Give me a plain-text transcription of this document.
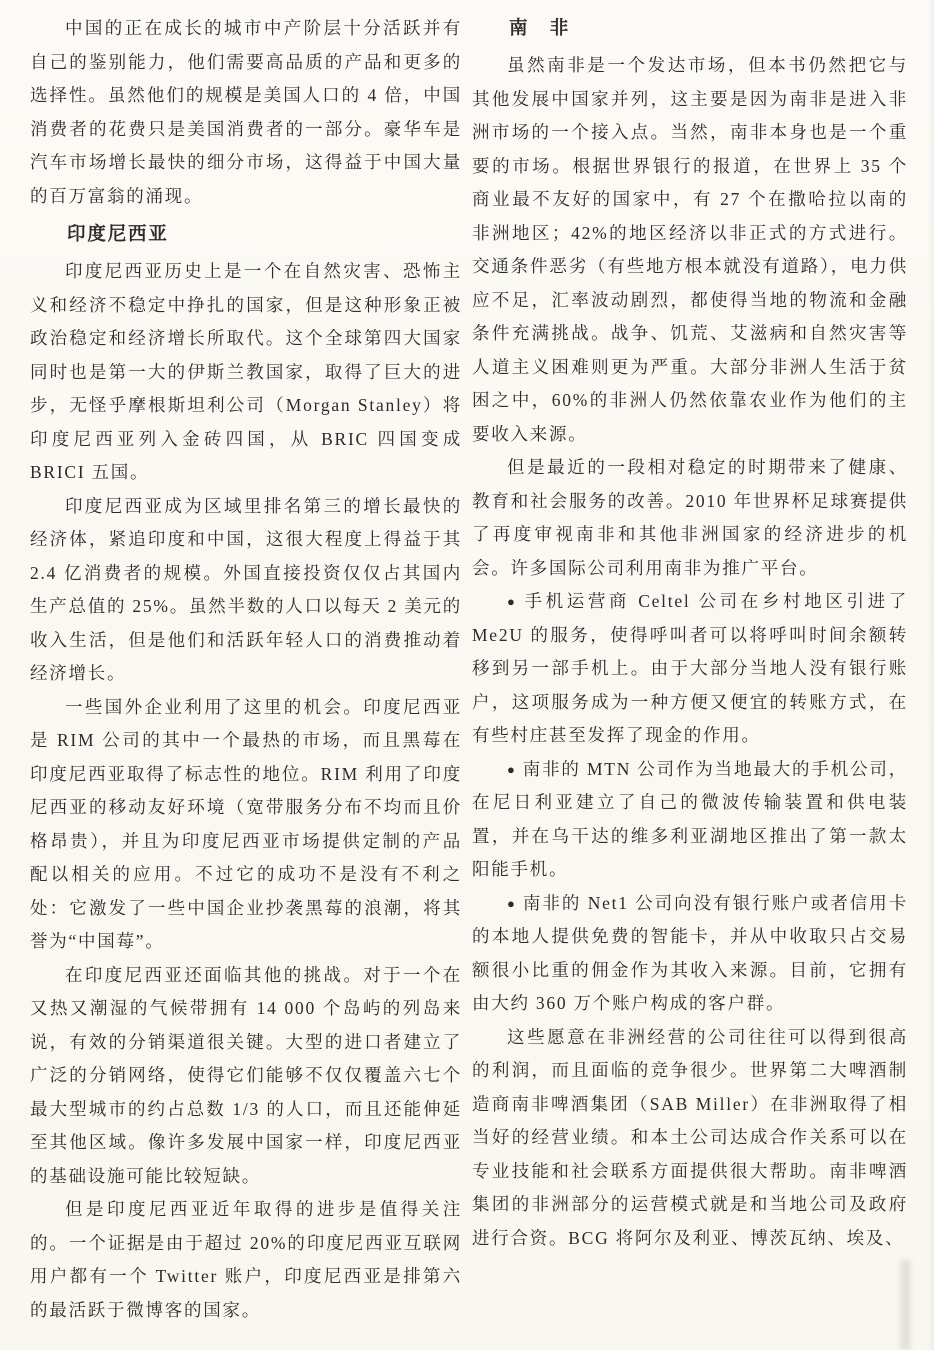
中国的正在成长的城市中产阶层十分活跃并有自己的鉴别能力，他们需要高品质的产品和更多的选择性。虽然他们的规模是美国人口的 4 倍，中国消费者的花费只是美国消费者的一部分。豪华车是汽车市场增长最快的细分市场，这得益于中国大量的百万富翁的涌现。

印度尼西亚

印度尼西亚历史上是一个在自然灾害、恐怖主义和经济不稳定中挣扎的国家，但是这种形象正被政治稳定和经济增长所取代。这个全球第四大国家同时也是第一大的伊斯兰教国家，取得了巨大的进步，无怪乎摩根斯坦利公司（Morgan Stanley）将印度尼西亚列入金砖四国，从 BRIC 四国变成 BRICI 五国。

印度尼西亚成为区域里排名第三的增长最快的经济体，紧追印度和中国，这很大程度上得益于其 2.4 亿消费者的规模。外国直接投资仅仅占其国内生产总值的 25%。虽然半数的人口以每天 2 美元的收入生活，但是他们和活跃年轻人口的消费推动着经济增长。

一些国外企业利用了这里的机会。印度尼西亚是 RIM 公司的其中一个最热的市场，而且黑莓在印度尼西亚取得了标志性的地位。RIM 利用了印度尼西亚的移动友好环境（宽带服务分布不均而且价格昂贵），并且为印度尼西亚市场提供定制的产品配以相关的应用。不过它的成功不是没有不利之处：它激发了一些中国企业抄袭黑莓的浪潮，将其誉为“中国莓”。

在印度尼西亚还面临其他的挑战。对于一个在又热又潮湿的气候带拥有 14 000 个岛屿的列岛来说，有效的分销渠道很关键。大型的进口者建立了广泛的分销网络，使得它们能够不仅仅覆盖六七个最大型城市的约占总数 1/3 的人口，而且还能伸延至其他区域。像许多发展中国家一样，印度尼西亚的基础设施可能比较短缺。

但是印度尼西亚近年取得的进步是值得关注的。一个证据是由于超过 20%的印度尼西亚互联网用户都有一个 Twitter 账户，印度尼西亚是排第六的最活跃于微博客的国家。

南　非

虽然南非是一个发达市场，但本书仍然把它与其他发展中国家并列，这主要是因为南非是进入非洲市场的一个接入点。当然，南非本身也是一个重要的市场。根据世界银行的报道，在世界上 35 个商业最不友好的国家中，有 27 个在撒哈拉以南的非洲地区；42%的地区经济以非正式的方式进行。交通条件恶劣（有些地方根本就没有道路），电力供应不足，汇率波动剧烈，都使得当地的物流和金融条件充满挑战。战争、饥荒、艾滋病和自然灾害等人道主义困难则更为严重。大部分非洲人生活于贫困之中，60%的非洲人仍然依靠农业作为他们的主要收入来源。

但是最近的一段相对稳定的时期带来了健康、教育和社会服务的改善。2010 年世界杯足球赛提供了再度审视南非和其他非洲国家的经济进步的机会。许多国际公司利用南非为推广平台。

● 手机运营商 Celtel 公司在乡村地区引进了 Me2U 的服务，使得呼叫者可以将呼叫时间余额转移到另一部手机上。由于大部分当地人没有银行账户，这项服务成为一种方便又便宜的转账方式，在有些村庄甚至发挥了现金的作用。

● 南非的 MTN 公司作为当地最大的手机公司，在尼日利亚建立了自己的微波传输装置和供电装置，并在乌干达的维多利亚湖地区推出了第一款太阳能手机。

● 南非的 Net1 公司向没有银行账户或者信用卡的本地人提供免费的智能卡，并从中收取只占交易额很小比重的佣金作为其收入来源。目前，它拥有由大约 360 万个账户构成的客户群。

这些愿意在非洲经营的公司往往可以得到很高的利润，而且面临的竞争很少。世界第二大啤酒制造商南非啤酒集团（SAB Miller）在非洲取得了相当好的经营业绩。和本土公司达成合作关系可以在专业技能和社会联系方面提供很大帮助。南非啤酒集团的非洲部分的运营模式就是和当地公司及政府进行合资。BCG 将阿尔及利亚、博茨瓦纳、埃及、
